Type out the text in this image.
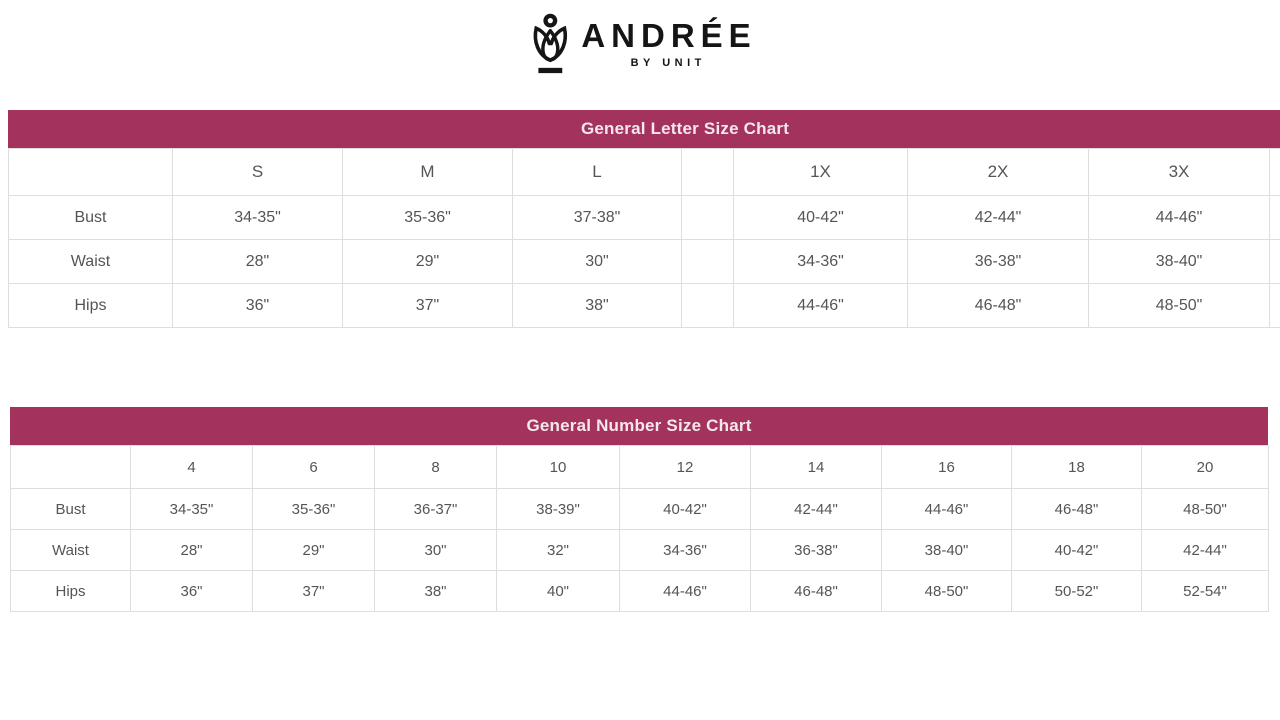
ANDRÉE
BY UNIT
General Letter Size Chart
	S	M	L		1X	2X	3X	
Bust	34-35"	35-36"	37-38"		40-42"	42-44"	44-46"	
Waist	28"	29"	30"		34-36"	36-38"	38-40"	
Hips	36"	37"	38"		44-46"	46-48"	48-50"	
General Number Size Chart
	4	6	8	10	12	14	16	18	20
Bust	34-35"	35-36"	36-37"	38-39"	40-42"	42-44"	44-46"	46-48"	48-50"
Waist	28"	29"	30"	32"	34-36"	36-38"	38-40"	40-42"	42-44"
Hips	36"	37"	38"	40"	44-46"	46-48"	48-50"	50-52"	52-54"
